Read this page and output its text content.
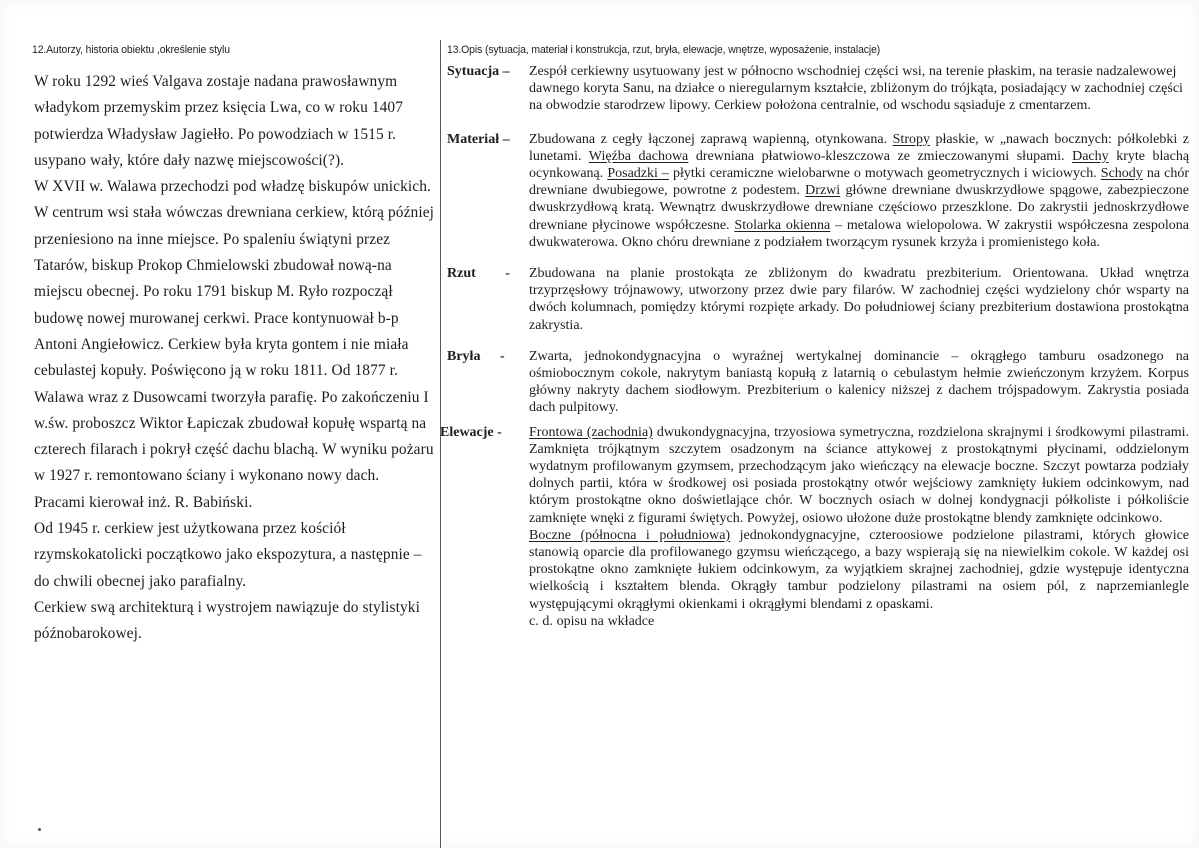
12.Autorzy, historia obiektu ,określenie stylu

W roku 1292 wieś Valgava zostaje nadana prawosławnym władykom przemyskim przez księcia Lwa, co w roku 1407 potwierdza Władysław Jagiełło. Po powodziach w 1515 r. usypano wały, które dały nazwę miejscowości(?).

W XVII w. Walawa przechodzi pod władzę biskupów unickich. W centrum wsi stała wówczas drewniana cerkiew, którą później przeniesiono na inne miejsce. Po spaleniu świątyni przez Tatarów, biskup Prokop Chmielowski zbudował nową-na miejscu obecnej. Po roku 1791 biskup M. Ryło rozpoczął budowę nowej murowanej cerkwi. Prace kontynuował b-p Antoni Angiełowicz. Cerkiew była kryta gontem i nie miała cebulastej kopuły. Poświęcono ją w roku 1811. Od 1877 r. Walawa wraz z Dusowcami tworzyła parafię. Po zakończeniu I w.św. proboszcz Wiktor Łapiczak zbudował kopułę wspartą na czterech filarach i pokrył część dachu blachą. W wyniku pożaru w 1927 r. remontowano ściany i wykonano nowy dach. Pracami kierował inż. R. Babiński.

Od 1945 r. cerkiew jest użytkowana przez kościół rzymskokatolicki początkowo jako ekspozytura, a następnie – do chwili obecnej jako parafialny.

Cerkiew swą architekturą i wystrojem nawiązuje do stylistyki późnobarokowej.

13.Opis (sytuacja, materiał i konstrukcja, rzut, bryła, elewacje, wnętrze, wyposażenie, instalacje)
Sytuacja –	Zespół cerkiewny usytuowany jest w północno wschodniej części wsi, na terenie płaskim, na terasie nadzalewowej dawnego koryta Sanu, na działce o nieregularnym kształcie, zbliżonym do trójkąta, posiadający w zachodniej części na obwodzie starodrzew lipowy. Cerkiew położona centralnie, od wschodu sąsiaduje z cmentarzem.

Materiał –	Zbudowana z cegły łączonej zaprawą wapienną, otynkowana. Stropy płaskie, w „nawach bocznych: półkolebki z lunetami. Więźba dachowa drewniana płatwiowo-kleszczowa ze zmieczowanymi słupami. Dachy kryte blachą ocynkowaną. Posadzki – płytki ceramiczne wielobarwne o motywach geometrycznych i wiciowych. Schody na chór drewniane dwubiegowe, powrotne z podestem. Drzwi główne drewniane dwuskrzydłowe spągowe, zabezpieczone dwuskrzydłową kratą. Wewnątrz dwuskrzydłowe drewniane częściowo przeszklone. Do zakrystii jednoskrzydłowe drewniane płycinowe współczesne. Stolarka okienna – metalowa wielopolowa. W zakrystii współczesna zespolona dwukwaterowa. Okno chóru drewniane z podziałem tworzącym rysunek krzyża i promienistego koła.
Rzut -	Zbudowana na planie prostokąta ze zbliżonym do kwadratu prezbiterium. Orientowana. Układ wnętrza trzyprzęsłowy trójnawowy, utworzony przez dwie pary filarów. W zachodniej części wydzielony chór wsparty na dwóch kolumnach, pomiędzy którymi rozpięte arkady. Do południowej ściany prezbiterium dostawiona prostokątna zakrystia.

Bryła -	Zwarta, jednokondygnacyjna o wyraźnej wertykalnej dominancie – okrągłego tamburu osadzonego na ośmiobocznym cokole, nakrytym baniastą kopułą z latarnią o cebulastym hełmie zwieńczonym krzyżem. Korpus główny nakryty dachem siodłowym. Prezbiterium o kalenicy niższej z dachem trójspadowym. Zakrystia posiada dach pulpitowy.

Elewacje -	Frontowa (zachodnia) dwukondygnacyjna, trzyosiowa symetryczna, rozdzielona skrajnymi i środkowymi pilastrami. Zamknięta trójkątnym szczytem osadzonym na ściance attykowej z prostokątnymi płycinami, oddzielonym wydatnym profilowanym gzymsem, przechodzącym jako wieńczący na elewacje boczne. Szczyt powtarza podziały dolnych partii, która w środkowej osi posiada prostokątny otwór wejściowy zamknięty łukiem odcinkowym, nad którym prostokątne okno doświetlające chór. W bocznych osiach w dolnej kondygnacji półkoliste i półkoliście zamknięte wnęki z figurami świętych. Powyżej, osiowo ułożone duże prostokątne blendy zamknięte odcinkowo.

Boczne (północna i południowa) jednokondygnacyjne, czteroosiowe podzielone pilastrami, których głowice stanowią oparcie dla profilowanego gzymsu wieńczącego, a bazy wspierają się na niewielkim cokole. W każdej osi prostokątne okno zamknięte łukiem odcinkowym, za wyjątkiem skrajnej zachodniej, gdzie występuje identyczna wielkością i kształtem blenda. Okrągły tambur podzielony pilastrami na osiem pól, z naprzemianlegle występującymi okrągłymi okienkami i okrągłymi blendami z opaskami.

c. d. opisu na wkładce
